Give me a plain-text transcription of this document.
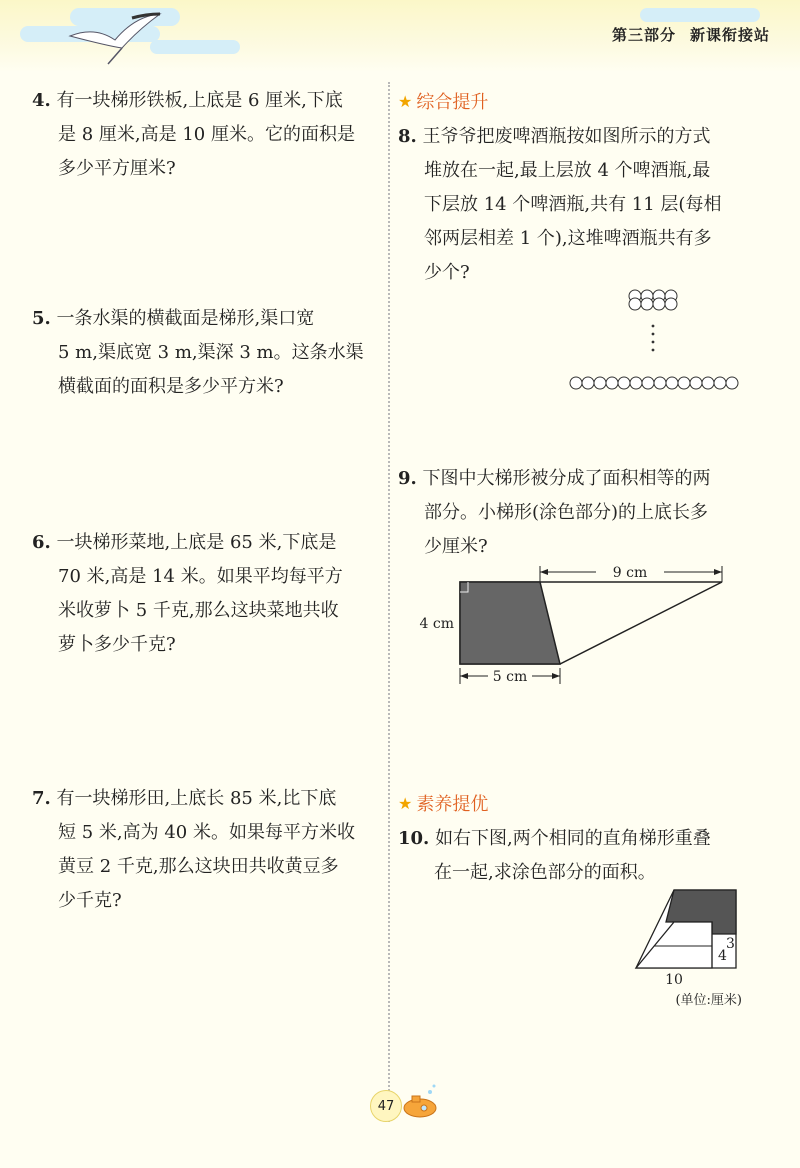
第三部分 新课衔接站
4. 有一块梯形铁板,上底是 6 厘米,下底
是 8 厘米,高是 10 厘米。它的面积是
多少平方厘米?
5. 一条水渠的横截面是梯形,渠口宽
5 m,渠底宽 3 m,渠深 3 m。这条水渠
横截面的面积是多少平方米?
6. 一块梯形菜地,上底是 65 米,下底是
70 米,高是 14 米。如果平均每平方
米收萝卜 5 千克,那么这块菜地共收
萝卜多少千克?
7. 有一块梯形田,上底长 85 米,比下底
短 5 米,高为 40 米。如果每平方米收
黄豆 2 千克,那么这块田共收黄豆多
少千克?
★ 综合提升
8. 王爷爷把废啤酒瓶按如图所示的方式
堆放在一起,最上层放 4 个啤酒瓶,最
下层放 14 个啤酒瓶,共有 11 层(每相
邻两层相差 1 个),这堆啤酒瓶共有多
少个?
9. 下图中大梯形被分成了面积相等的两
部分。小梯形(涂色部分)的上底长多
少厘米?
9 cm
4 cm
5 cm
★ 素养提优
10. 如右下图,两个相同的直角梯形重叠
在一起,求涂色部分的面积。
10
4
3
(单位:厘米)
47
